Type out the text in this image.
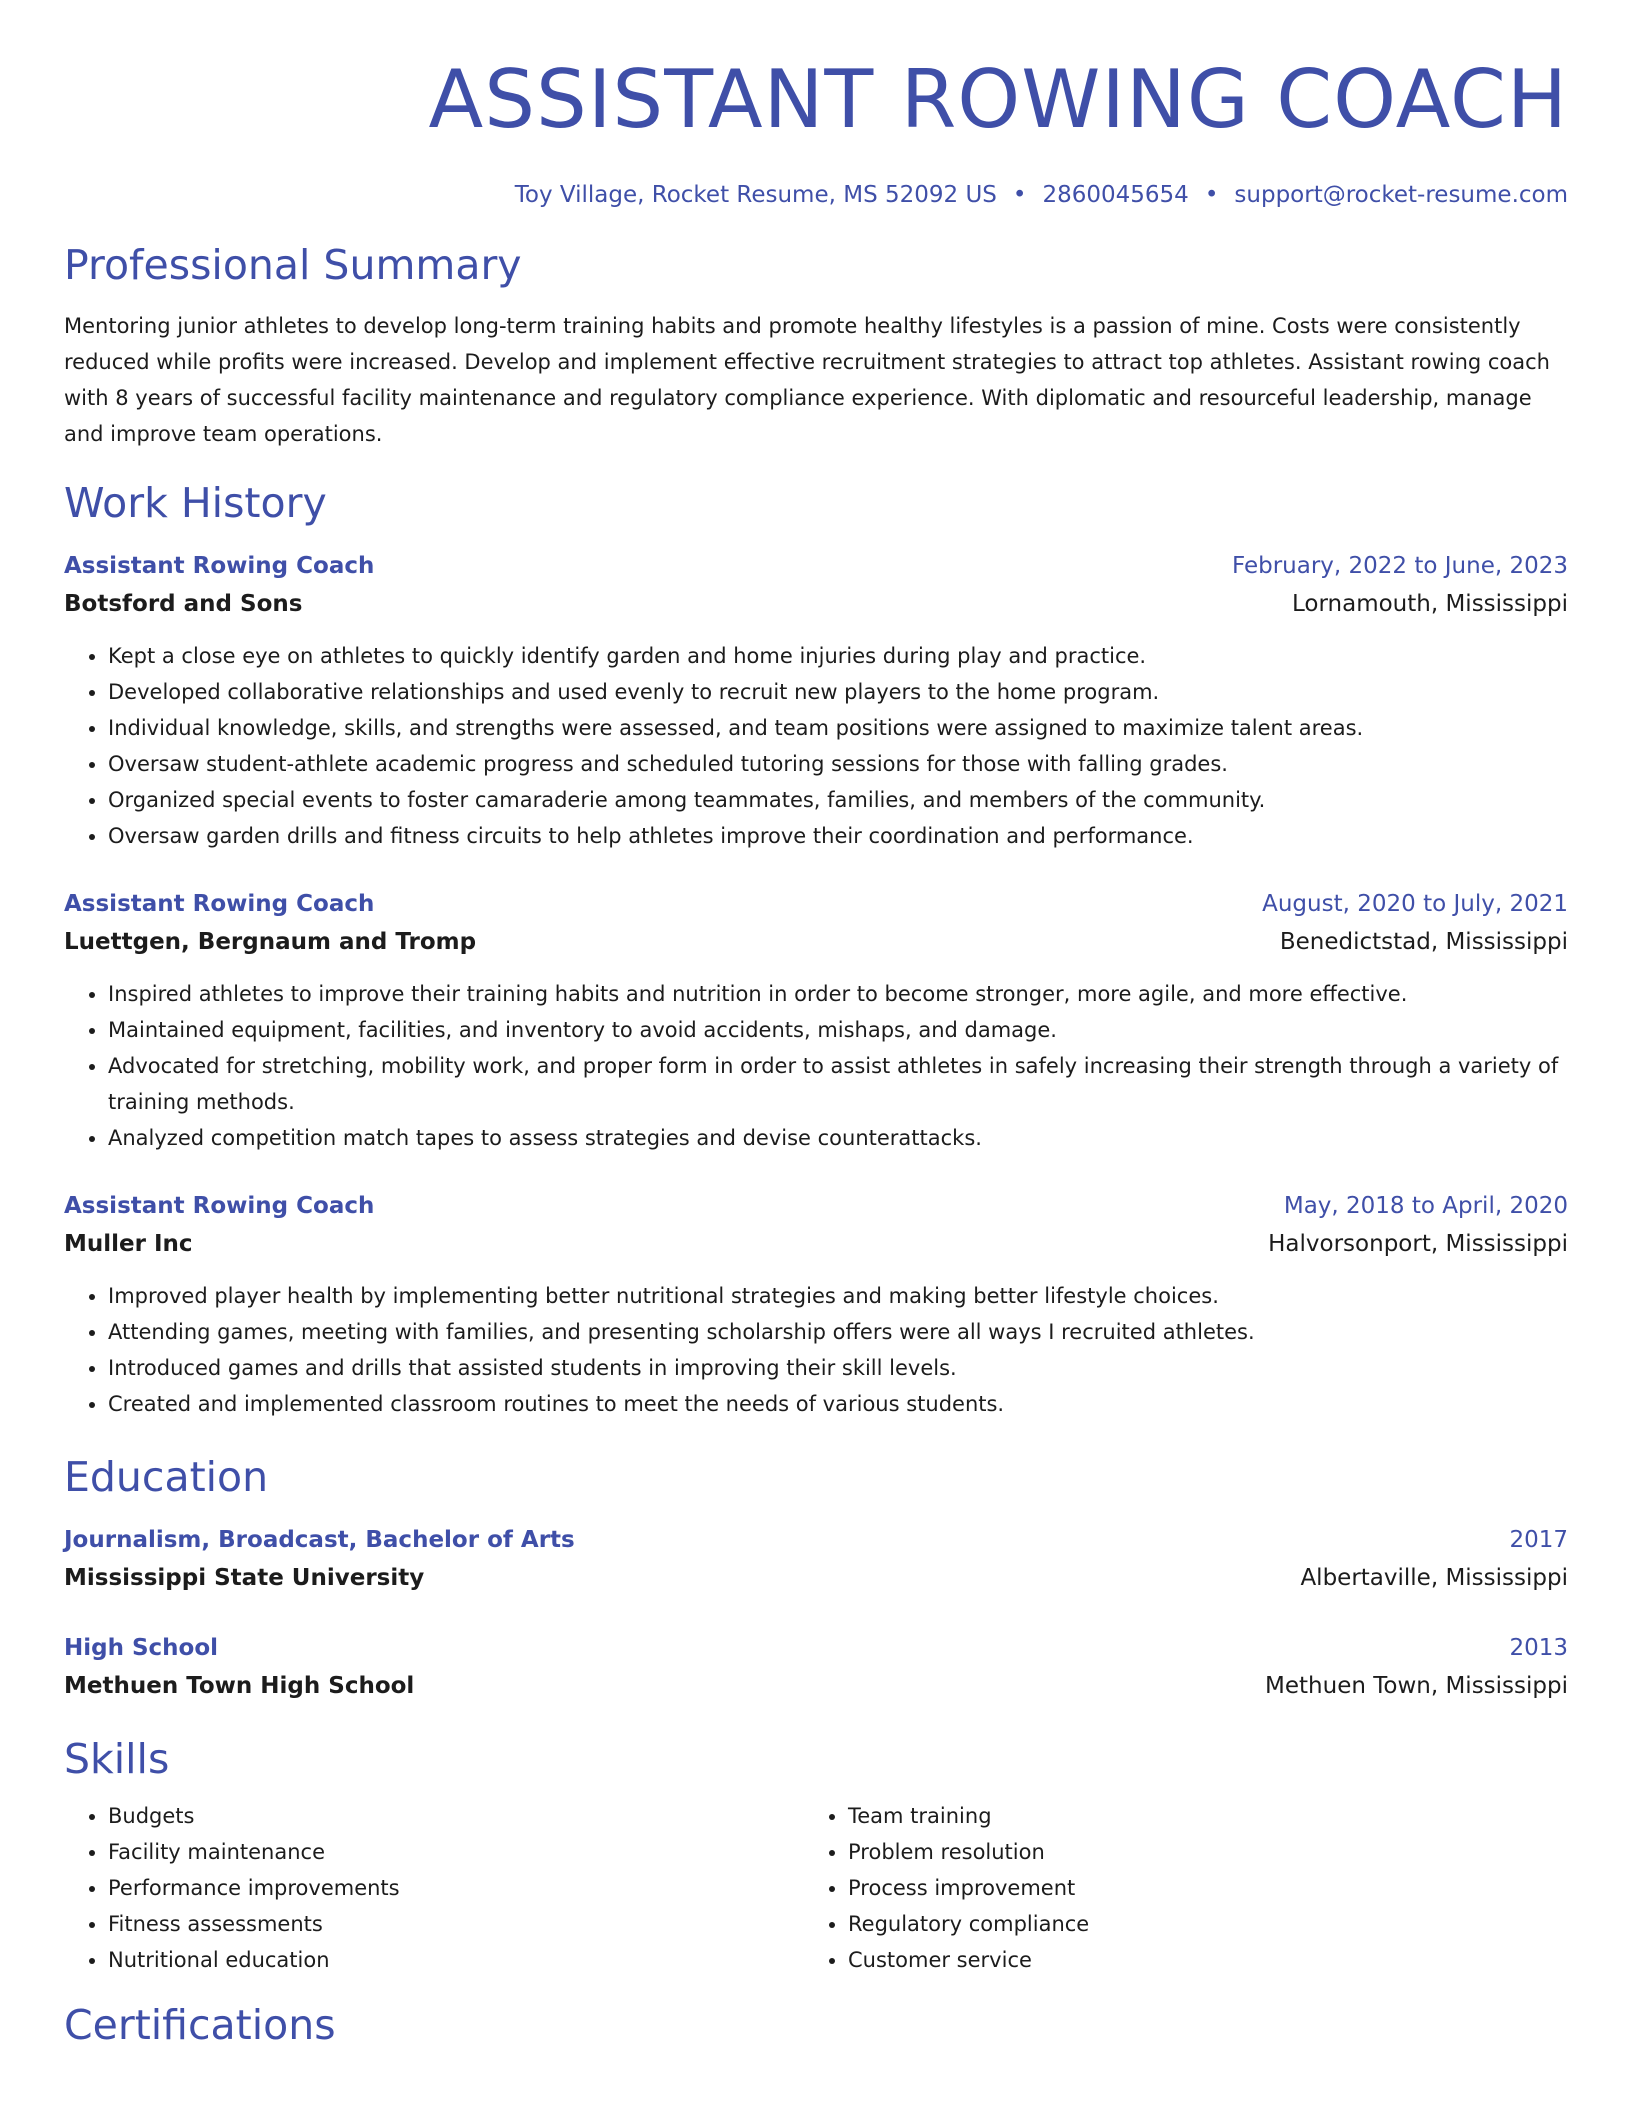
ASSISTANT ROWING COACH
Toy Village, Rocket Resume, MS 52092 US • 2860045654 • support@rocket-resume.com
Professional Summary
Mentoring junior athletes to develop long-term training habits and promote healthy lifestyles is a passion of mine. Costs were consistently reduced while profits were increased. Develop and implement effective recruitment strategies to attract top athletes. Assistant rowing coach with 8 years of successful facility maintenance and regulatory compliance experience. With diplomatic and resourceful leadership, manage and improve team operations.
Work History
Assistant Rowing Coach	February, 2022 to June, 2023
Botsford and Sons	Lornamouth, Mississippi
• Kept a close eye on athletes to quickly identify garden and home injuries during play and practice.
• Developed collaborative relationships and used evenly to recruit new players to the home program.
• Individual knowledge, skills, and strengths were assessed, and team positions were assigned to maximize talent areas.
• Oversaw student-athlete academic progress and scheduled tutoring sessions for those with falling grades.
• Organized special events to foster camaraderie among teammates, families, and members of the community.
• Oversaw garden drills and fitness circuits to help athletes improve their coordination and performance.
Assistant Rowing Coach	August, 2020 to July, 2021
Luettgen, Bergnaum and Tromp	Benedictstad, Mississippi
• Inspired athletes to improve their training habits and nutrition in order to become stronger, more agile, and more effective.
• Maintained equipment, facilities, and inventory to avoid accidents, mishaps, and damage.
• Advocated for stretching, mobility work, and proper form in order to assist athletes in safely increasing their strength through a variety of training methods.
• Analyzed competition match tapes to assess strategies and devise counterattacks.
Assistant Rowing Coach	May, 2018 to April, 2020
Muller Inc	Halvorsonport, Mississippi
• Improved player health by implementing better nutritional strategies and making better lifestyle choices.
• Attending games, meeting with families, and presenting scholarship offers were all ways I recruited athletes.
• Introduced games and drills that assisted students in improving their skill levels.
• Created and implemented classroom routines to meet the needs of various students.
Education
Journalism, Broadcast, Bachelor of Arts	2017
Mississippi State University	Albertaville, Mississippi
High School	2013
Methuen Town High School	Methuen Town, Mississippi
Skills
• Budgets
• Facility maintenance
• Performance improvements
• Fitness assessments
• Nutritional education
• Team training
• Problem resolution
• Process improvement
• Regulatory compliance
• Customer service
Certifications
